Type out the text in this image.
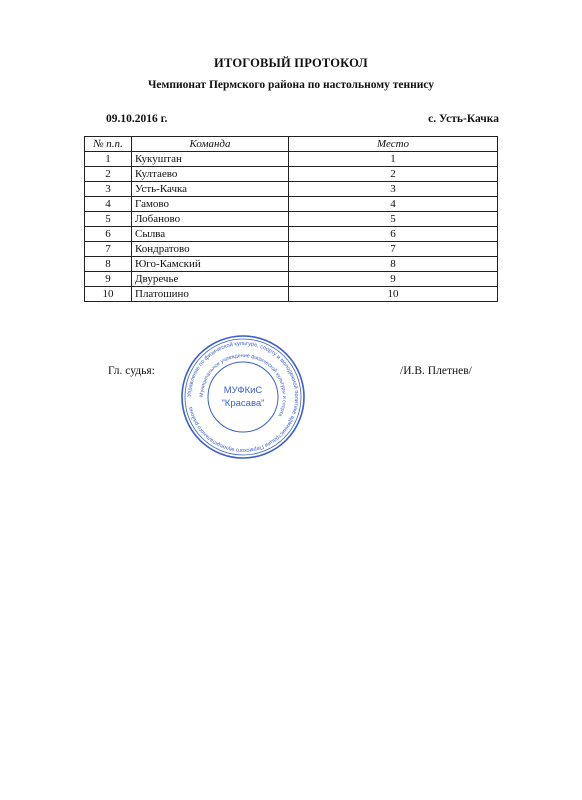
ИТОГОВЫЙ ПРОТОКОЛ
Чемпионат Пермского района по настольному теннису
09.10.2016 г.	с. Усть-Качка
№ п.п.	Команда	Место
1	Кукуштан	1
2	Култаево	2
3	Усть-Качка	3
4	Гамово	4
5	Лобаново	5
6	Сылва	6
7	Кондратово	7
8	Юго-Камский	8
9	Двуречье	9
10	Платошино	10
Гл. судья:	/И.В. Плетнев/
Управление по физической культуре, спорту и молодежной политике администрации Пермского муниципального района
Муниципальное учреждение физической культуры и спорта
МУФКиС
"Красава"
